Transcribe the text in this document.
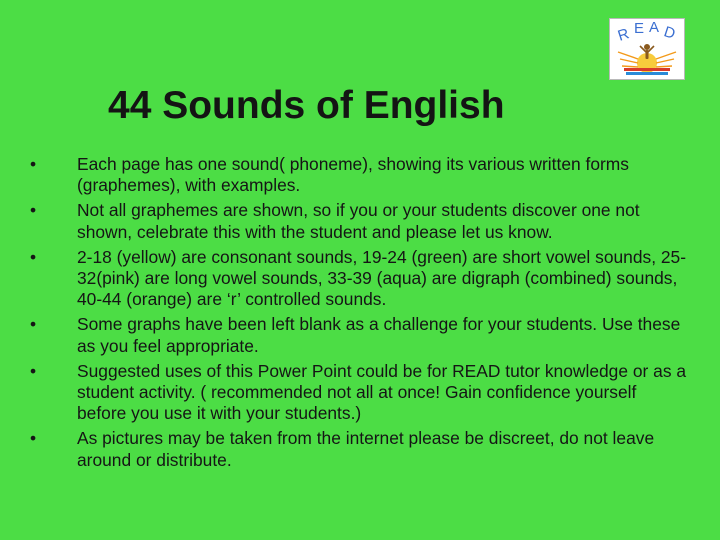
R E A D
44 Sounds of English
• Each page has one sound( phoneme), showing its various written forms (graphemes), with examples.
• Not all graphemes are shown, so if you or your students discover one not shown, celebrate this with the student and please let us know.
• 2-18 (yellow) are consonant sounds, 19-24 (green) are short vowel sounds, 25-32(pink) are long vowel sounds, 33-39 (aqua) are digraph (combined) sounds, 40-44 (orange) are ‘r’ controlled sounds.
• Some graphs have been left blank as a challenge for your students. Use these as you feel appropriate.
• Suggested uses of this Power Point could be for READ tutor knowledge or as a student activity. ( recommended not all at once! Gain confidence yourself before you use it with your students.)
• As pictures may be taken from the internet please be discreet, do not leave around or distribute.
